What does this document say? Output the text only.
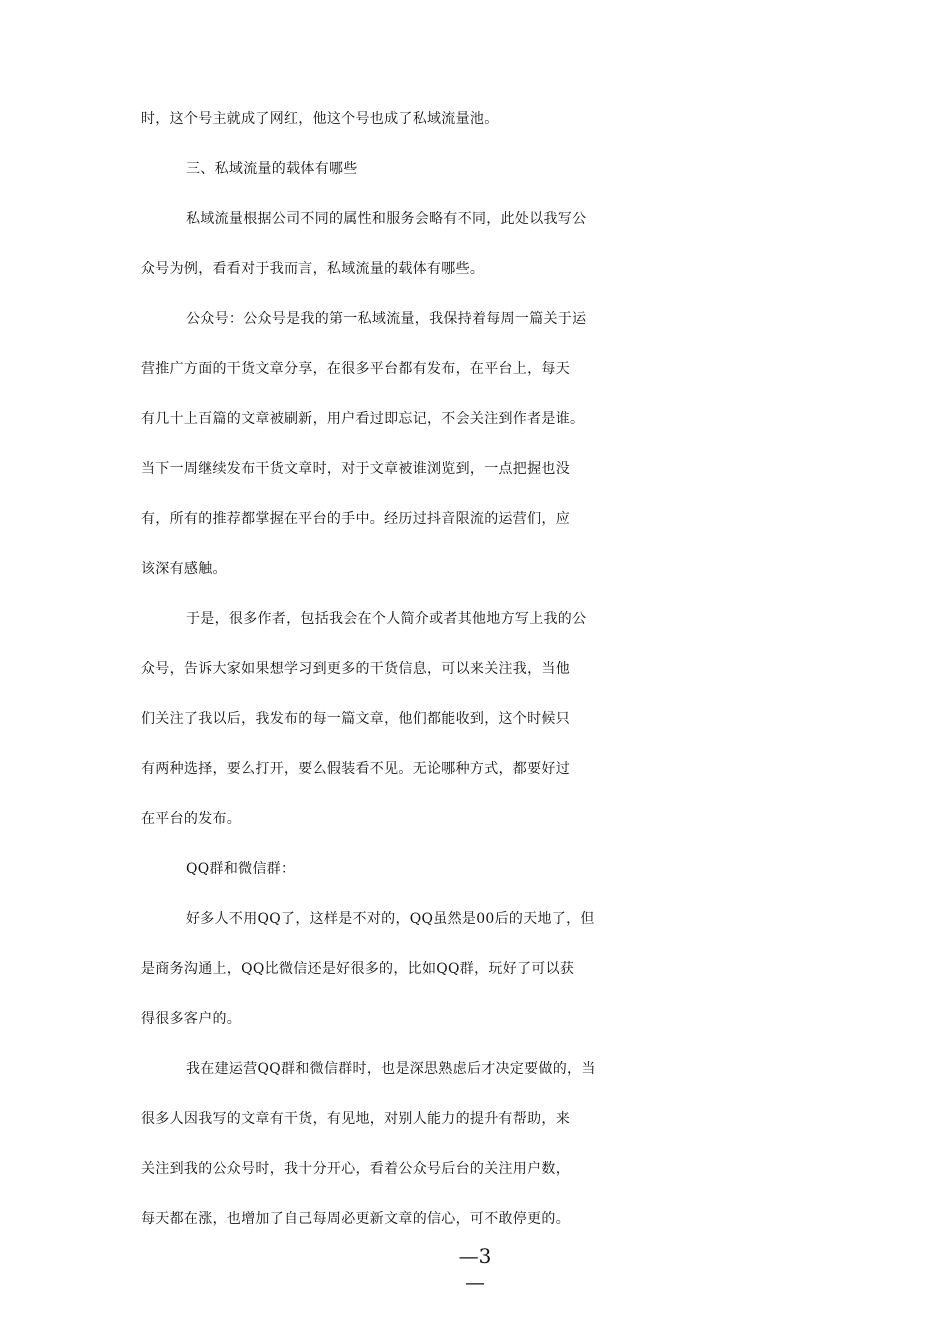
时，这个号主就成了网红，他这个号也成了私域流量池。
三、私域流量的载体有哪些
私域流量根据公司不同的属性和服务会略有不同，此处以我写公
众号为例，看看对于我而言，私域流量的载体有哪些。
公众号：公众号是我的第一私域流量，我保持着每周一篇关于运
营推广方面的干货文章分享，在很多平台都有发布，在平台上，每天
有几十上百篇的文章被刷新，用户看过即忘记，不会关注到作者是谁。
当下一周继续发布干货文章时，对于文章被谁浏览到，一点把握也没
有，所有的推荐都掌握在平台的手中。经历过抖音限流的运营们，应
该深有感触。
于是，很多作者，包括我会在个人简介或者其他地方写上我的公
众号，告诉大家如果想学习到更多的干货信息，可以来关注我，当他
们关注了我以后，我发布的每一篇文章，他们都能收到，这个时候只
有两种选择，要么打开，要么假装看不见。无论哪种方式，都要好过
在平台的发布。
QQ群和微信群：
好多人不用QQ了，这样是不对的，QQ虽然是00后的天地了，但
是商务沟通上，QQ比微信还是好很多的，比如QQ群，玩好了可以获
得很多客户的。
我在建运营QQ群和微信群时，也是深思熟虑后才决定要做的，当
很多人因我写的文章有干货，有见地，对别人能力的提升有帮助，来
关注到我的公众号时，我十分开心，看着公众号后台的关注用户数，
每天都在涨，也增加了自己每周必更新文章的信心，可不敢停更的。
—3
—
